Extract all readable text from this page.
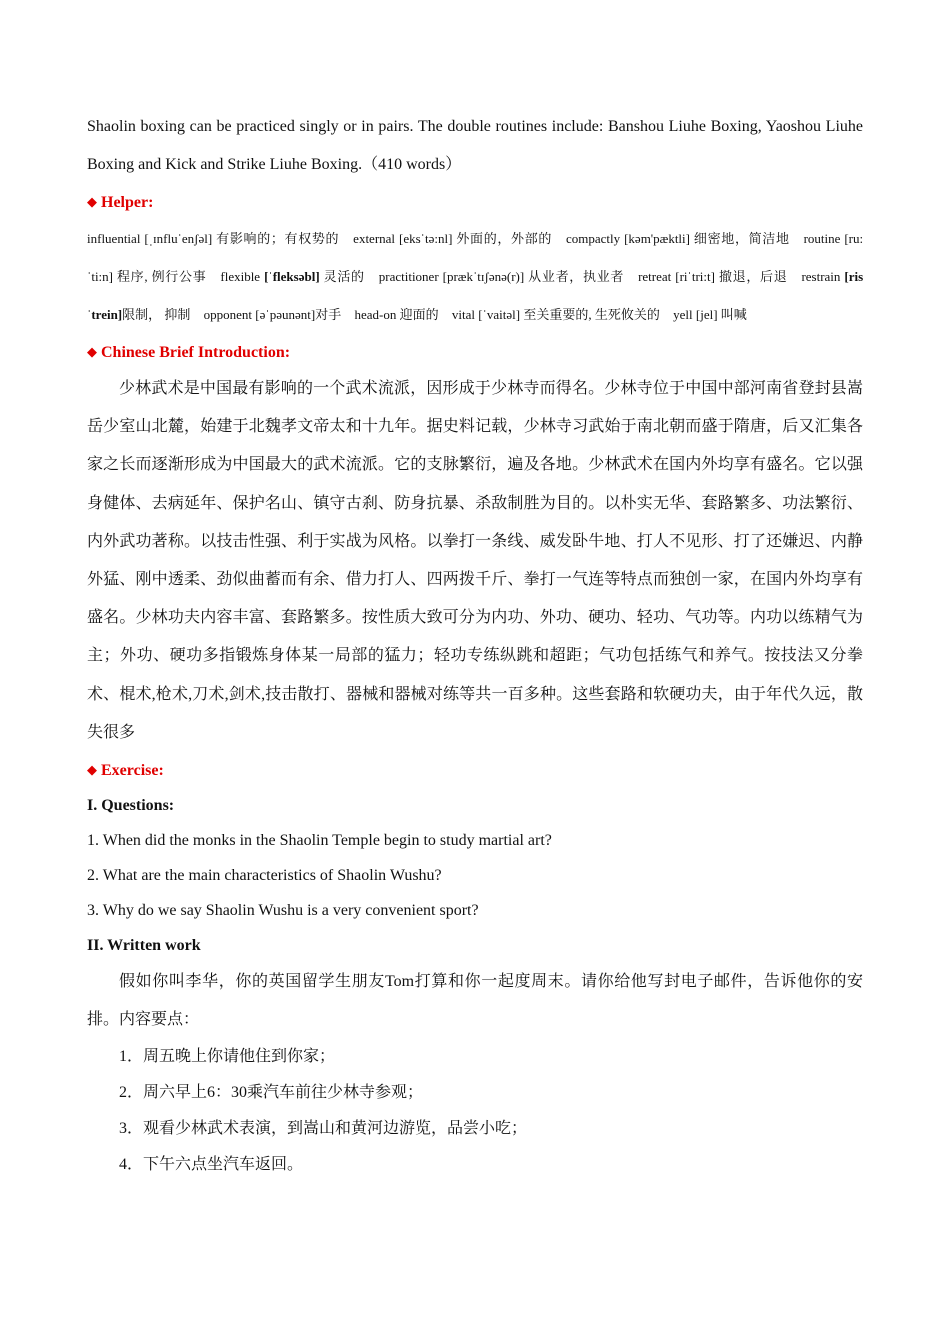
Shaolin boxing can be practiced singly or in pairs. The double routines include: Banshou Liuhe Boxing, Yaoshou Liuhe Boxing and Kick and Strike Liuhe Boxing.（410 words）

◆ Helper:

influential [ˌɪnfluˈenʃəl] 有影响的；有权势的 external [eksˈtə:nl] 外面的，外部的 compactly [kəm'pæktli] 细密地，简洁地 routine [ru:ˈti:n] 程序, 例行公事 flexible [ˈfleksəbl] 灵活的 practitioner [prækˈtɪʃənə(r)] 从业者，执业者 retreat [riˈtri:t] 撤退，后退 restrain [risˈtrein]限制， 抑制 opponent [əˈpəunənt]对手 head-on 迎面的 vital [ˈvaitəl] 至关重要的, 生死攸关的 yell [jel] 叫喊

◆ Chinese Brief Introduction:

少林武术是中国最有影响的一个武术流派，因形成于少林寺而得名。少林寺位于中国中部河南省登封县嵩岳少室山北麓，始建于北魏孝文帝太和十九年。据史料记载，少林寺习武始于南北朝而盛于隋唐，后又汇集各家之长而逐渐形成为中国最大的武术流派。它的支脉繁衍，遍及各地。少林武术在国内外均享有盛名。它以强身健体、去病延年、保护名山、镇守古刹、防身抗暴、杀敌制胜为目的。以朴实无华、套路繁多、功法繁衍、内外武功著称。以技击性强、利于实战为风格。以拳打一条线、威发卧牛地、打人不见形、打了还嫌迟、内静外猛、刚中透柔、劲似曲蓄而有余、借力打人、四两拨千斤、拳打一气连等特点而独创一家，在国内外均享有盛名。少林功夫内容丰富、套路繁多。按性质大致可分为内功、外功、硬功、轻功、气功等。内功以练精气为主；外功、硬功多指锻炼身体某一局部的猛力；轻功专练纵跳和超距；气功包括练气和养气。按技法又分拳术、棍术,枪术,刀术,剑术,技击散打、器械和器械对练等共一百多种。这些套路和软硬功夫，由于年代久远，散失很多

◆ Exercise:

I. Questions:

1. When did the monks in the Shaolin Temple begin to study martial art?

2. What are the main characteristics of Shaolin Wushu?

3. Why do we say Shaolin Wushu is a very convenient sport?

II. Written work

假如你叫李华，你的英国留学生朋友Tom打算和你一起度周末。请你给他写封电子邮件，告诉他你的安排。内容要点：

1．周五晚上你请他住到你家；

2．周六早上6：30乘汽车前往少林寺参观；

3．观看少林武术表演，到嵩山和黄河边游览，品尝小吃；

4．下午六点坐汽车返回。
